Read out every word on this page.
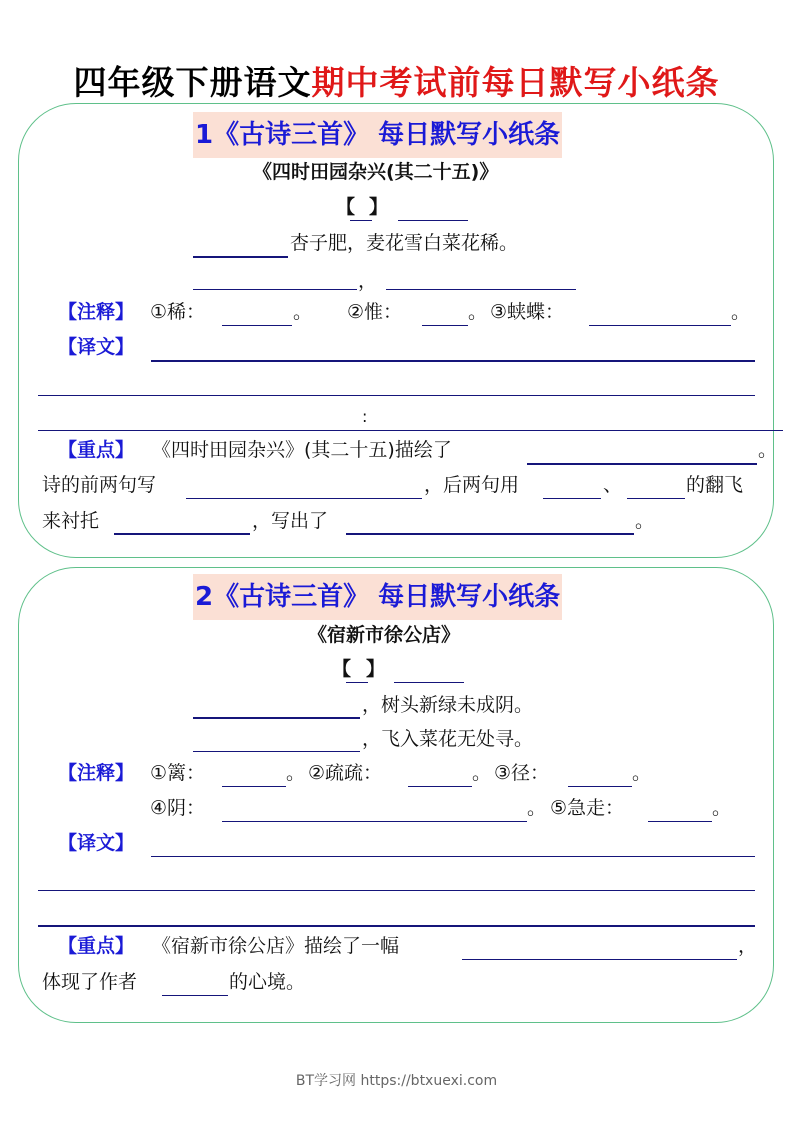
四年级下册语文期中考试前每日默写小纸条
1《古诗三首》 每日默写小纸条
《四时田园杂兴(其二十五)》
【 】
杏子肥，麦花雪白菜花稀。
，
【注释】 ①稀：	。 ②惟：	。 ③蛱蝶：	。
【译文】
:
【重点】 《四时田园杂兴》(其二十五)描绘了	。
诗的前两句写	，后两句用	、	的翻飞
来衬托	，写出了	。
2《古诗三首》 每日默写小纸条
《宿新市徐公店》
【 】
，树头新绿未成阴。
，飞入菜花无处寻。
【注释】 ①篱：	。 ②疏疏：	。 ③径：	。
④阴：	。 ⑤急走：	。
【译文】
【重点】 《宿新市徐公店》描绘了一幅	，
体现了作者	的心境。
BT学习网 https://btxuexi.com
